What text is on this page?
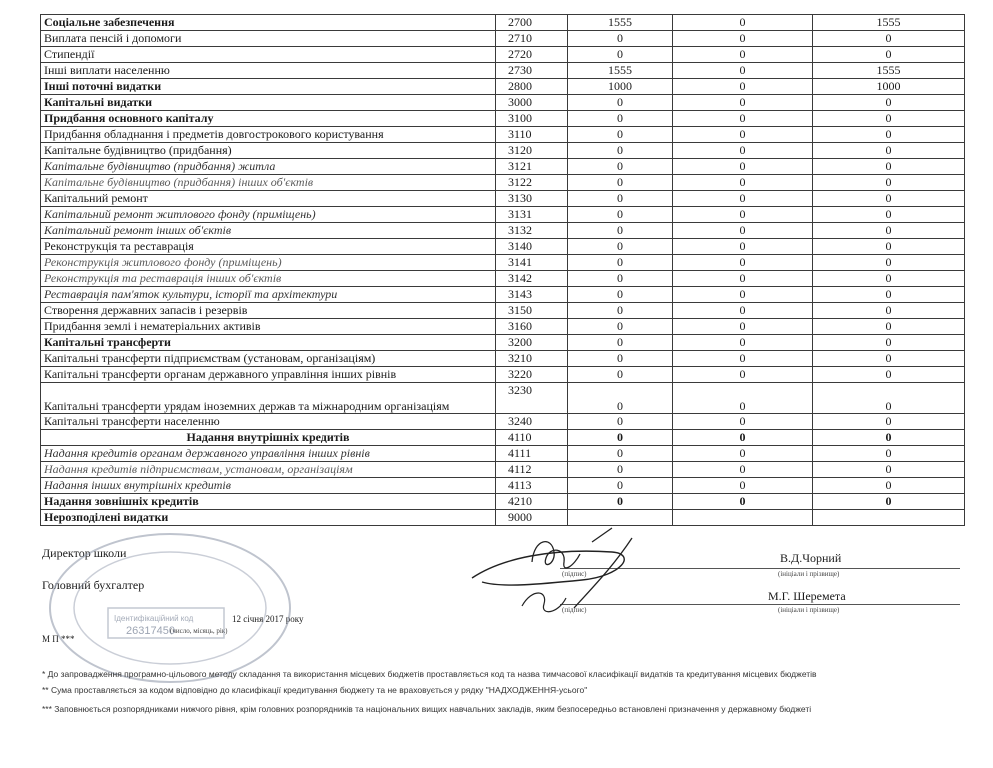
Соціальне забезпечення	2700	1555	0	1555
Виплата пенсій і допомоги	2710	0	0	0
Стипендії	2720	0	0	0
Інші виплати населенню	2730	1555	0	1555
Інші поточні видатки	2800	1000	0	1000
Капітальні видатки	3000	0	0	0
Придбання основного капіталу	3100	0	0	0
Придбання обладнання і предметів довгострокового користування	3110	0	0	0
Капітальне будівництво (придбання)	3120	0	0	0
Капітальне будівництво (придбання) житла	3121	0	0	0
Капітальне будівництво (придбання) інших об'єктів	3122	0	0	0
Капітальний ремонт	3130	0	0	0
Капітальний ремонт житлового фонду (приміщень)	3131	0	0	0
Капітальний ремонт інших об'єктів	3132	0	0	0
Реконструкція та реставрація	3140	0	0	0
Реконструкція житлового фонду (приміщень)	3141	0	0	0
Реконструкція та реставрація інших об'єктів	3142	0	0	0
Реставрація пам'яток культури, історії та архітектури	3143	0	0	0
Створення державних запасів і резервів	3150	0	0	0
Придбання землі і нематеріальних активів	3160	0	0	0
Капітальні трансферти	3200	0	0	0
Капітальні трансферти підприємствам (установам, організаціям)	3210	0	0	0
Капітальні трансферти органам державного управління інших рівнів	3220	0	0	0
Капітальні трансферти урядам іноземних держав та міжнародним організаціям	3230	0	0	0
Капітальні трансферти населенню	3240	0	0	0
Надання внутрішніх кредитів	4110	0	0	0
Надання кредитів органам державного управління інших рівнів	4111	0	0	0
Надання кредитів підприємствам, установам, організаціям	4112	0	0	0
Надання інших внутрішніх кредитів	4113	0	0	0
Надання зовнішніх кредитів	4210	0	0	0
Нерозподілені видатки	9000			
Директор школи
Головний бухгалтер
(підпис)
В.Д.Чорний
(ініціали і прізвище)
(підпис)
М.Г. Шеремета
(ініціали і прізвище)
12 січня 2017 року
(число, місяць, рік)
М П ***
Ідентифікаційний код
26317450
* До запровадження програмно-цільового методу складання та використання місцевих бюджетів проставляється код та назва тимчасової класифікації видатків та кредитування місцевих бюджетів
** Сума проставляється за кодом відповідно до класифікації кредитування бюджету та не враховується у рядку "НАДХОДЖЕННЯ-усього"
*** Заповнюється розпорядниками нижчого рівня, крім головних розпорядників та національних вищих навчальних закладів, яким безпосередньо встановлені призначення у державному бюджеті
